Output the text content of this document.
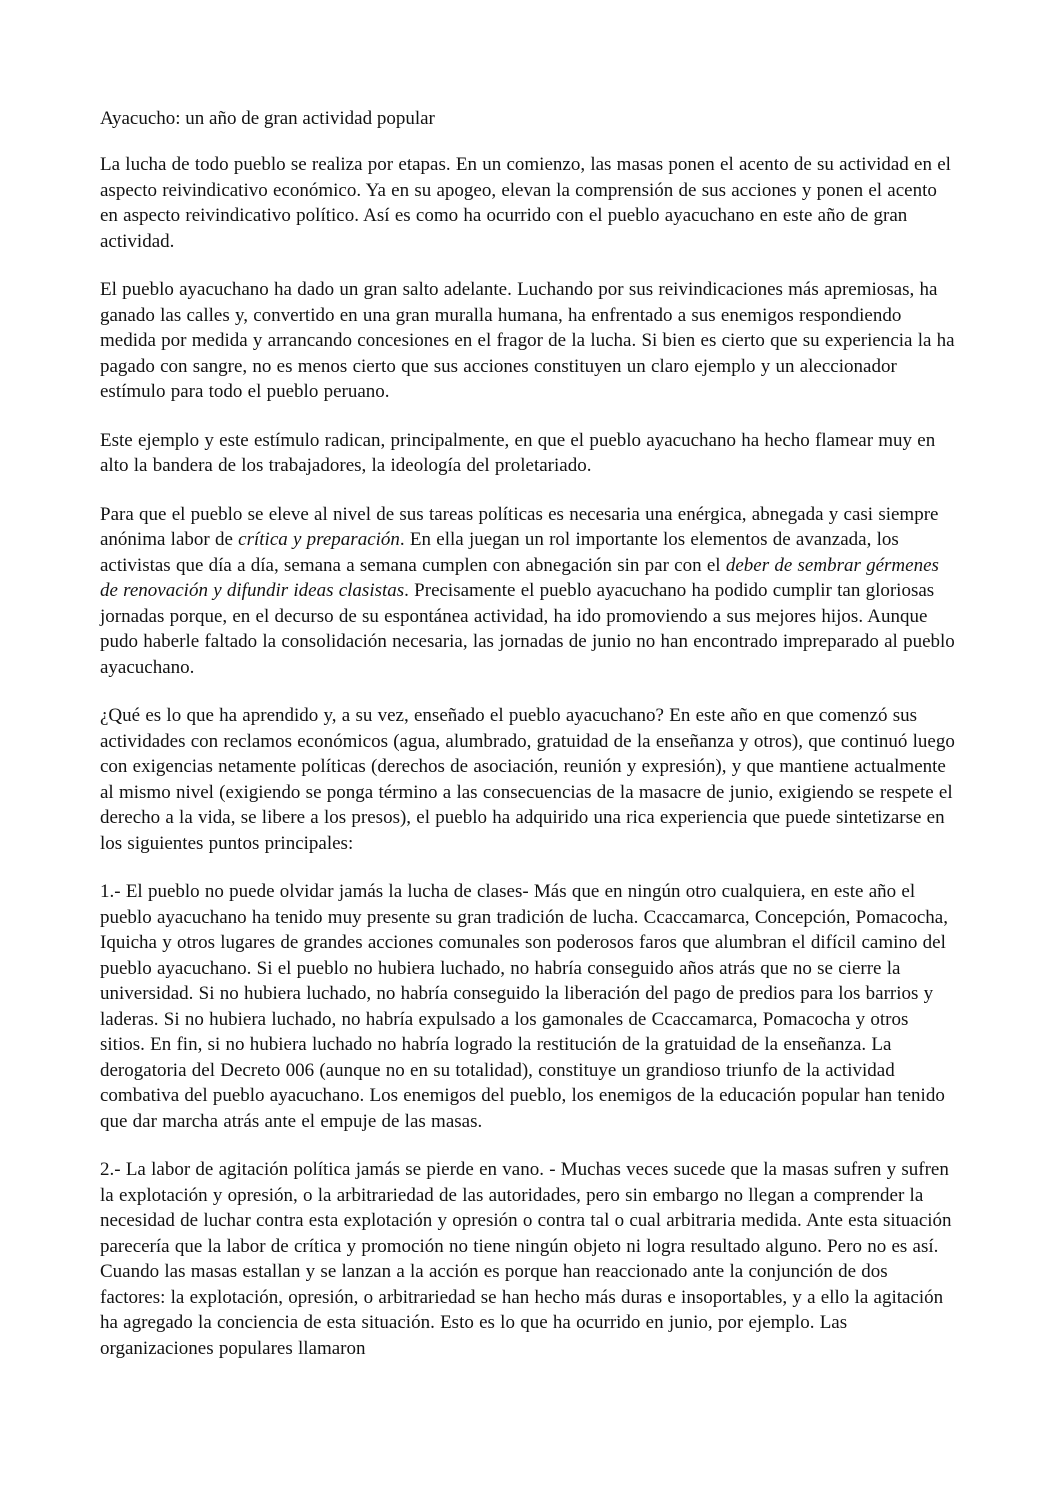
Ayacucho: un año de gran actividad popular

La lucha de todo pueblo se realiza por etapas. En un comienzo, las masas ponen el acento de su actividad en el aspecto reivindicativo económico. Ya en su apogeo, elevan la comprensión de sus acciones y ponen el acento en aspecto reivindicativo político. Así es como ha ocurrido con el pueblo ayacuchano en este año de gran actividad.

El pueblo ayacuchano ha dado un gran salto adelante. Luchando por sus reivindicaciones más apremiosas, ha ganado las calles y, convertido en una gran muralla humana, ha enfrentado a sus enemigos respondiendo medida por medida y arrancando concesiones en el fragor de la lucha. Si bien es cierto que su experiencia la ha pagado con sangre, no es menos cierto que sus acciones constituyen un claro ejemplo y un aleccionador estímulo para todo el pueblo peruano.

Este ejemplo y este estímulo radican, principalmente, en que el pueblo ayacuchano ha hecho flamear muy en alto la bandera de los trabajadores, la ideología del proletariado.

Para que el pueblo se eleve al nivel de sus tareas políticas es necesaria una enérgica, abnegada y casi siempre anónima labor de crítica y preparación. En ella juegan un rol importante los elementos de avanzada, los activistas que día a día, semana a semana cumplen con abnegación sin par con el deber de sembrar gérmenes de renovación y difundir ideas clasistas. Precisamente el pueblo ayacuchano ha podido cumplir tan gloriosas jornadas porque, en el decurso de su espontánea actividad, ha ido promoviendo a sus mejores hijos. Aunque pudo haberle faltado la consolidación necesaria, las jornadas de junio no han encontrado impreparado al pueblo ayacuchano.

¿Qué es lo que ha aprendido y, a su vez, enseñado el pueblo ayacuchano? En este año en que comenzó sus actividades con reclamos económicos (agua, alumbrado, gratuidad de la enseñanza y otros), que continuó luego con exigencias netamente políticas (derechos de asociación, reunión y expresión), y que mantiene actualmente al mismo nivel (exigiendo se ponga término a las consecuencias de la masacre de junio, exigiendo se respete el derecho a la vida, se libere a los presos), el pueblo ha adquirido una rica experiencia que puede sintetizarse en los siguientes puntos principales:

1.- El pueblo no puede olvidar jamás la lucha de clases- Más que en ningún otro cualquiera, en este año el pueblo ayacuchano ha tenido muy presente su gran tradición de lucha. Ccaccamarca, Concepción, Pomacocha, Iquicha y otros lugares de grandes acciones comunales son poderosos faros que alumbran el difícil camino del pueblo ayacuchano. Si el pueblo no hubiera luchado, no habría conseguido años atrás que no se cierre la universidad. Si no hubiera luchado, no habría conseguido la liberación del pago de predios para los barrios y laderas. Si no hubiera luchado, no habría expulsado a los gamonales de Ccaccamarca, Pomacocha y otros sitios. En fin, si no hubiera luchado no habría logrado la restitución de la gratuidad de la enseñanza. La derogatoria del Decreto 006 (aunque no en su totalidad), constituye un grandioso triunfo de la actividad combativa del pueblo ayacuchano. Los enemigos del pueblo, los enemigos de la educación popular han tenido que dar marcha atrás ante el empuje de las masas.

2.- La labor de agitación política jamás se pierde en vano. - Muchas veces sucede que la masas sufren y sufren la explotación y opresión, o la arbitrariedad de las autoridades, pero sin embargo no llegan a comprender la necesidad de luchar contra esta explotación y opresión o contra tal o cual arbitraria medida. Ante esta situación parecería que la labor de crítica y promoción no tiene ningún objeto ni logra resultado alguno. Pero no es así. Cuando las masas estallan y se lanzan a la acción es porque han reaccionado ante la conjunción de dos factores: la explotación, opresión, o arbitrariedad se han hecho más duras e insoportables, y a ello la agitación ha agregado la conciencia de esta situación. Esto es lo que ha ocurrido en junio, por ejemplo. Las organizaciones populares llamaron
